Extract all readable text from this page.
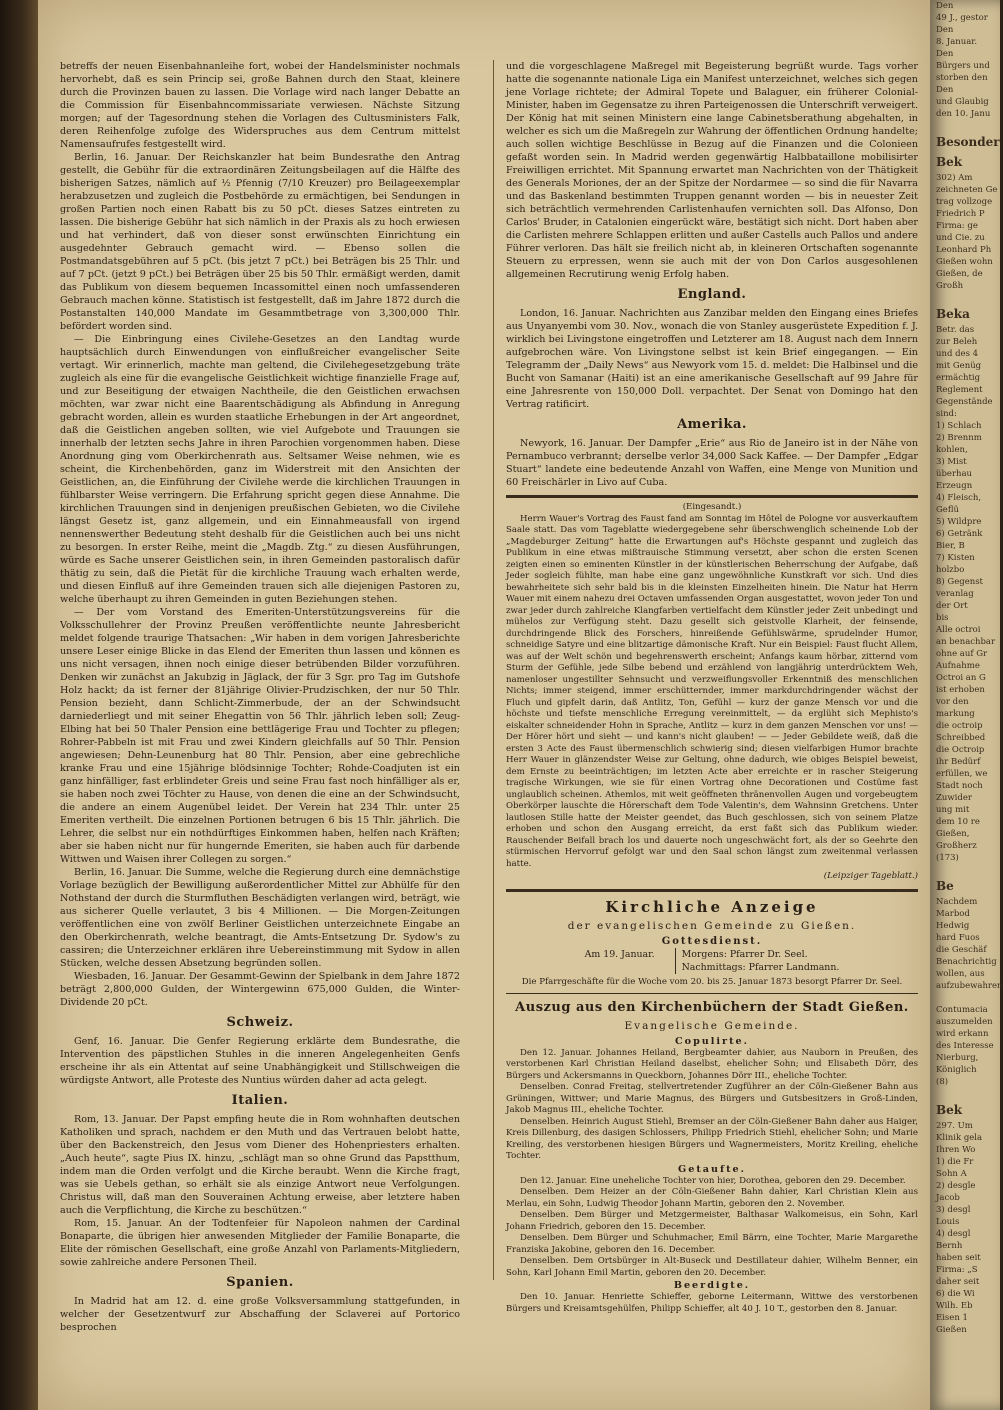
betreffs der neuen Eisenbahnanleihe fort, wobei der Handelsminister nochmals hervorhebt, daß es sein Princip sei, große Bahnen durch den Staat, kleinere durch die Provinzen bauen zu lassen. Die Vorlage wird nach langer Debatte an die Commission für Eisenbahncommissariate verwiesen. Nächste Sitzung morgen; auf der Tagesordnung stehen die Vorlagen des Cultusministers Falk, deren Reihenfolge zufolge des Widerspruches aus dem Centrum mittelst Namensaufrufes festgestellt wird.

Berlin, 16. Januar. Der Reichskanzler hat beim Bundesrathe den Antrag gestellt, die Gebühr für die extraordinären Zeitungsbeilagen auf die Hälfte des bisherigen Satzes, nämlich auf ½ Pfennig (7/10 Kreuzer) pro Beilageexemplar herabzusetzen und zugleich die Postbehörde zu ermächtigen, bei Sendungen in großen Partien noch einen Rabatt bis zu 50 pCt. dieses Satzes eintreten zu lassen. Die bisherige Gebühr hat sich nämlich in der Praxis als zu hoch erwiesen und hat verhindert, daß von dieser sonst erwünschten Einrichtung ein ausgedehnter Gebrauch gemacht wird. — Ebenso sollen die Postmandatsgebühren auf 5 pCt. (bis jetzt 7 pCt.) bei Beträgen bis 25 Thlr. und auf 7 pCt. (jetzt 9 pCt.) bei Beträgen über 25 bis 50 Thlr. ermäßigt werden, damit das Publikum von diesem bequemen Incassomittel einen noch umfassenderen Gebrauch machen könne. Statistisch ist festgestellt, daß im Jahre 1872 durch die Postanstalten 140,000 Mandate im Gesammtbetrage von 3,300,000 Thlr. befördert worden sind.

— Die Einbringung eines Civilehe-Gesetzes an den Landtag wurde hauptsächlich durch Einwendungen von einflußreicher evangelischer Seite vertagt. Wir erinnerlich, machte man geltend, die Civilehegesetzgebung träte zugleich als eine für die evangelische Geistlichkeit wichtige finanzielle Frage auf, und zur Beseitigung der etwaigen Nachtheile, die den Geistlichen erwachsen möchten, war zwar nicht eine Baarentschädigung als Abfindung in Anregung gebracht worden, allein es wurden staatliche Erhebungen in der Art angeordnet, daß die Geistlichen angeben sollten, wie viel Aufgebote und Trauungen sie innerhalb der letzten sechs Jahre in ihren Parochien vorgenommen haben. Diese Anordnung ging vom Oberkirchenrath aus. Seltsamer Weise nehmen, wie es scheint, die Kirchenbehörden, ganz im Widerstreit mit den Ansichten der Geistlichen, an, die Einführung der Civilehe werde die kirchlichen Trauungen in fühlbarster Weise verringern. Die Erfahrung spricht gegen diese Annahme. Die kirchlichen Trauungen sind in denjenigen preußischen Gebieten, wo die Civilehe längst Gesetz ist, ganz allgemein, und ein Einnahmeausfall von irgend nennenswerther Bedeutung steht deshalb für die Geistlichen auch bei uns nicht zu besorgen. In erster Reihe, meint die „Magdb. Ztg.“ zu diesen Ausführungen, würde es Sache unserer Geistlichen sein, in ihren Gemeinden pastoralisch dafür thätig zu sein, daß die Pietät für die kirchliche Trauung wach erhalten werde, und diesen Einfluß auf ihre Gemeinden trauen sich alle diejenigen Pastoren zu, welche überhaupt zu ihren Gemeinden in guten Beziehungen stehen.

— Der vom Vorstand des Emeriten-Unterstützungsvereins für die Volksschullehrer der Provinz Preußen veröffentlichte neunte Jahresbericht meldet folgende traurige Thatsachen: „Wir haben in dem vorigen Jahresberichte unsere Leser einige Blicke in das Elend der Emeriten thun lassen und können es uns nicht versagen, ihnen noch einige dieser betrübenden Bilder vorzuführen. Denken wir zunächst an Jakubzig in Jäglack, der für 3 Sgr. pro Tag im Gutshofe Holz hackt; da ist ferner der 81jährige Olivier-Prudzischken, der nur 50 Thlr. Pension bezieht, dann Schlicht-Zimmerbude, der an der Schwindsucht darniederliegt und mit seiner Ehegattin von 56 Thlr. jährlich leben soll; Zeug-Elbing hat bei 50 Thaler Pension eine bettlägerige Frau und Tochter zu pflegen; Rohrer-Pabbeln ist mit Frau und zwei Kindern gleichfalls auf 50 Thlr. Pension angewiesen; Dehn-Leunenburg hat 80 Thlr. Pension, aber eine gebrechliche kranke Frau und eine 15jährige blödsinnige Tochter; Rohde-Coadjuten ist ein ganz hinfälliger, fast erblindeter Greis und seine Frau fast noch hinfälliger als er, sie haben noch zwei Töchter zu Hause, von denen die eine an der Schwindsucht, die andere an einem Augenübel leidet. Der Verein hat 234 Thlr. unter 25 Emeriten vertheilt. Die einzelnen Portionen betrugen 6 bis 15 Thlr. jährlich. Die Lehrer, die selbst nur ein nothdürftiges Einkommen haben, helfen nach Kräften; aber sie haben nicht nur für hungernde Emeriten, sie haben auch für darbende Wittwen und Waisen ihrer Collegen zu sorgen.“

Berlin, 16. Januar. Die Summe, welche die Regierung durch eine demnächstige Vorlage bezüglich der Bewilligung außerordentlicher Mittel zur Abhülfe für den Nothstand der durch die Sturmfluthen Beschädigten verlangen wird, beträgt, wie aus sicherer Quelle verlautet, 3 bis 4 Millionen. — Die Morgen-Zeitungen veröffentlichen eine von zwölf Berliner Geistlichen unterzeichnete Eingabe an den Oberkirchenrath, welche beantragt, die Amts-Entsetzung Dr. Sydow's zu cassiren; die Unterzeichner erklären ihre Uebereinstimmung mit Sydow in allen Stücken, welche dessen Absetzung begründen sollen.

Wiesbaden, 16. Januar. Der Gesammt-Gewinn der Spielbank in dem Jahre 1872 beträgt 2,800,000 Gulden, der Wintergewinn 675,000 Gulden, die Winter-Dividende 20 pCt.

Schweiz.

Genf, 16. Januar. Die Genfer Regierung erklärte dem Bundesrathe, die Intervention des päpstlichen Stuhles in die inneren Angelegenheiten Genfs erscheine ihr als ein Attentat auf seine Unabhängigkeit und Stillschweigen die würdigste Antwort, alle Proteste des Nuntius würden daher ad acta gelegt.

Italien.

Rom, 13. Januar. Der Papst empfing heute die in Rom wohnhaften deutschen Katholiken und sprach, nachdem er den Muth und das Vertrauen belobt hatte, über den Backenstreich, den Jesus vom Diener des Hohenpriesters erhalten. „Auch heute“, sagte Pius IX. hinzu, „schlägt man so ohne Grund das Papstthum, indem man die Orden verfolgt und die Kirche beraubt. Wenn die Kirche fragt, was sie Uebels gethan, so erhält sie als einzige Antwort neue Verfolgungen. Christus will, daß man den Souverainen Achtung erweise, aber letztere haben auch die Verpflichtung, die Kirche zu beschützen.“

Rom, 15. Januar. An der Todtenfeier für Napoleon nahmen der Cardinal Bonaparte, die übrigen hier anwesenden Mitglieder der Familie Bonaparte, die Elite der römischen Gesellschaft, eine große Anzahl von Parlaments-Mitgliedern, sowie zahlreiche andere Personen Theil.

Spanien.

In Madrid hat am 12. d. eine große Volksversammlung stattgefunden, in welcher der Gesetzentwurf zur Abschaffung der Sclaverei auf Portorico besprochen

und die vorgeschlagene Maßregel mit Begeisterung begrüßt wurde. Tags vorher hatte die sogenannte nationale Liga ein Manifest unterzeichnet, welches sich gegen jene Vorlage richtete; der Admiral Topete und Balaguer, ein früherer Colonial-Minister, haben im Gegensatze zu ihren Parteigenossen die Unterschrift verweigert. Der König hat mit seinen Ministern eine lange Cabinetsberathung abgehalten, in welcher es sich um die Maßregeln zur Wahrung der öffentlichen Ordnung handelte; auch sollen wichtige Beschlüsse in Bezug auf die Finanzen und die Colonieen gefaßt worden sein. In Madrid werden gegenwärtig Halbbataillone mobilisirter Freiwilligen errichtet. Mit Spannung erwartet man Nachrichten von der Thätigkeit des Generals Moriones, der an der Spitze der Nordarmee — so sind die für Navarra und das Baskenland bestimmten Truppen genannt worden — bis in neuester Zeit sich beträchtlich vermehrenden Carlistenhaufen vernichten soll. Das Alfonso, Don Carlos' Bruder, in Catalonien eingerückt wäre, bestätigt sich nicht. Dort haben aber die Carlisten mehrere Schlappen erlitten und außer Castells auch Pallos und andere Führer verloren. Das hält sie freilich nicht ab, in kleineren Ortschaften sogenannte Steuern zu erpressen, wenn sie auch mit der von Don Carlos ausgesohlenen allgemeinen Recrutirung wenig Erfolg haben.

England.

London, 16. Januar. Nachrichten aus Zanzibar melden den Eingang eines Briefes aus Unyanyembi vom 30. Nov., wonach die von Stanley ausgerüstete Expedition f. J. wirklich bei Livingstone eingetroffen und Letzterer am 18. August nach dem Innern aufgebrochen wäre. Von Livingstone selbst ist kein Brief eingegangen. — Ein Telegramm der „Daily News“ aus Newyork vom 15. d. meldet: Die Halbinsel und die Bucht von Samanar (Haiti) ist an eine amerikanische Gesellschaft auf 99 Jahre für eine Jahresrente von 150,000 Doll. verpachtet. Der Senat von Domingo hat den Vertrag ratificirt.

Amerika.

Newyork, 16. Januar. Der Dampfer „Erie“ aus Rio de Janeiro ist in der Nähe von Pernambuco verbrannt; derselbe verlor 34,000 Sack Kaffee. — Der Dampfer „Edgar Stuart“ landete eine bedeutende Anzahl von Waffen, eine Menge von Munition und 60 Freischärler in Livo auf Cuba.

(Eingesandt.)

Herrn Wauer's Vortrag des Faust fand am Sonntag im Hôtel de Pologne vor ausverkauftem Saale statt. Das vom Tageblatte wiedergegebene sehr überschwenglich scheinende Lob der „Magdeburger Zeitung“ hatte die Erwartungen auf's Höchste gespannt und zugleich das Publikum in eine etwas mißtrauische Stimmung versetzt, aber schon die ersten Scenen zeigten einen so eminenten Künstler in der künstlerischen Beherrschung der Aufgabe, daß Jeder sogleich fühlte, man habe eine ganz ungewöhnliche Kunstkraft vor sich. Und dies bewahrheitete sich sehr bald bis in die kleinsten Einzelheiten hinein. Die Natur hat Herrn Wauer mit einem nahezu drei Octaven umfassenden Organ ausgestattet, wovon jeder Ton und zwar jeder durch zahlreiche Klangfarben vertielfacht dem Künstler jeder Zeit unbedingt und mühelos zur Verfügung steht. Dazu gesellt sich geistvolle Klarheit, der feinsende, durchdringende Blick des Forschers, hinreißende Gefühlswärme, sprudelnder Humor, schneidige Satyre und eine blitzartige dämonische Kraft. Nur ein Beispiel: Faust flucht Allem, was auf der Welt schön und begehrenswerth erscheint; Anfangs kaum hörbar, zitternd vom Sturm der Gefühle, jede Silbe bebend und erzählend von langjährig unterdrücktem Weh, namenloser ungestillter Sehnsucht und verzweiflungsvoller Erkenntniß des menschlichen Nichts; immer steigend, immer erschütternder, immer markdurchdringender wächst der Fluch und gipfelt darin, daß Antlitz, Ton, Gefühl — kurz der ganze Mensch vor und die höchste und tiefste menschliche Erregung vereinmittelt, — da erglüht sich Mephisto's eiskalter schneidender Hohn in Sprache, Antlitz — kurz in dem ganzen Menschen vor uns! — Der Hörer hört und sieht — und kann's nicht glauben! — — Jeder Gebildete weiß, daß die ersten 3 Acte des Faust übermenschlich schwierig sind; diesen vielfarbigen Humor brachte Herr Wauer in glänzendster Weise zur Geltung, ohne dadurch, wie obiges Beispiel beweist, dem Ernste zu beeinträchtigen; im letzten Acte aber erreichte er in rascher Steigerung tragische Wirkungen, wie sie für einen Vortrag ohne Decorationen und Costüme fast unglaublich scheinen. Athemlos, mit weit geöffneten thränenvollen Augen und vorgebeugtem Oberkörper lauschte die Hörerschaft dem Tode Valentin's, dem Wahnsinn Gretchens. Unter lautlosen Stille hatte der Meister geendet, das Buch geschlossen, sich von seinem Platze erhoben und schon den Ausgang erreicht, da erst faßt sich das Publikum wieder. Rauschender Beifall brach los und dauerte noch ungeschwächt fort, als der so Geehrte den stürmischen Hervorruf gefolgt war und den Saal schon längst zum zweitenmal verlassen hatte.

(Leipziger Tageblatt.)
Kirchliche Anzeige
der evangelischen Gemeinde zu Gießen.
Gottesdienst.
Am 19. Januar.	Morgens: Pfarrer Dr. Seel.
Nachmittags: Pfarrer Landmann.

Die Pfarrgeschäfte für die Woche vom 20. bis 25. Januar 1873 besorgt Pfarrer Dr. Seel.

Auszug aus den Kirchenbüchern der Stadt Gießen.
Evangelische Gemeinde.
Copulirte.

Den 12. Januar. Johannes Heiland, Bergbeamter dahier, aus Nauborn in Preußen, des verstorbenen Karl Christian Heiland daselbst, ehelicher Sohn; und Elisabeth Dörr, des Bürgers und Ackersmanns in Queckborn, Johannes Dörr III., eheliche Tochter.

Denselben. Conrad Freitag, stellvertretender Zugführer an der Cöln-Gießener Bahn aus Grüningen, Wittwer; und Marie Magnus, des Bürgers und Gutsbesitzers in Groß-Linden, Jakob Magnus III., eheliche Tochter.

Denselben. Heinrich August Stiehl, Bremser an der Cöln-Gießener Bahn daher aus Haiger, Kreis Dillenburg, des dasigen Schlossers, Philipp Friedrich Stiehl, ehelicher Sohn; und Marie Kreiling, des verstorbenen hiesigen Bürgers und Wagnermeisters, Moritz Kreiling, eheliche Tochter.

Getaufte.

Den 12. Januar. Eine uneheliche Tochter von hier, Dorothea, geboren den 29. December.

Denselben. Dem Heizer an der Cöln-Gießener Bahn dahier, Karl Christian Klein aus Merlau, ein Sohn, Ludwig Theodor Johann Martin, geboren den 2. November.

Denselben. Dem Bürger und Metzgermeister, Balthasar Walkomeisus, ein Sohn, Karl Johann Friedrich, geboren den 15. December.

Denselben. Dem Bürger und Schuhmacher, Emil Bärrn, eine Tochter, Marie Margarethe Franziska Jakobine, geboren den 16. December.

Denselben. Dem Ortsbürger in Alt-Buseck und Destillateur dahier, Wilhelm Benner, ein Sohn, Karl Johann Emil Martin, geboren den 20. December.

Beerdigte.

Den 10. Januar. Henriette Schieffer, geborne Leitermann, Wittwe des verstorbenen Bürgers und Kreisamtsgehülfen, Philipp Schieffer, alt 40 J. 10 T., gestorben den 8. Januar.

Den
49 J., gestor
Den
8. Januar.
Den
Bürgers und
storben den
Den
und Glaubig
den 10. Janu

Besonder
Bek
302) Am
zeichneten Ge
trag vollzoge
Friedrich P
Firma: ge
und Cie. zu
Leonhard Ph
Gießen wohn
Gießen, de
Großh

Beka
Betr. das
zur Beleh
und des 4
mit Genüg
ermächtig
Reglement
Gegenstände
sind:
1) Schlach
2) Brennm
kohlen,
3) Mist
überhau
Erzeugn
4) Fleisch,
Geflü
5) Wildpre
6) Getränk
Bier, B
7) Kisten
holzbo
8) Gegenst
veranlag
der Ort
bis
Alle octroi
an benachbar
ohne auf Gr
Aufnahme
Octroi an G
ist erhoben
vor den
markung
die octroip
Schreibbed
die Octroip
ihr Bedürf
erfüllen, we
Stadt noch
Zuwider
ung mit
dem 10 re
Gießen,
Großherz
(173)

Be
Nachdem
Marbod
Hedwig
hard Fuos
die Geschäf
Benachrichtig
wollen, aus
aufzubewahren

Contumacia
auszumelden
wird erkann
des Interesse
Nierburg,
Königlich
(8)

Bek
297. Um
Klinik gela
Ihren Wo
1) die Fr
Sohn A
2) desgle
Jacob
3) desgl
Louis
4) desgl
Bernh
haben seit
Firma: „S
daher seit
6) die Wi
Wilh. Eb
Eisen 1
Gießen
